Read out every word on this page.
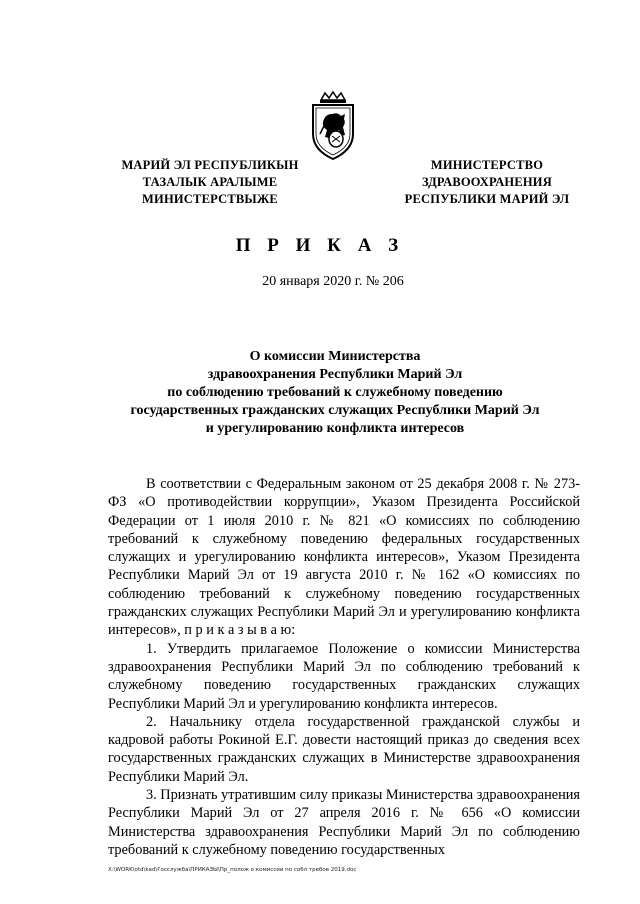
МАРИЙ ЭЛ РЕСПУБЛИКЫН
ТАЗАЛЫК АРАЛЫМЕ
МИНИСТЕРСТВЫЖЕ
МИНИСТЕРСТВО
ЗДРАВООХРАНЕНИЯ
РЕСПУБЛИКИ МАРИЙ ЭЛ
П Р И К А З
20 января 2020 г. № 206
О комиссии Министерства
здравоохранения Республики Марий Эл
по соблюдению требований к служебному поведению
государственных гражданских служащих Республики Марий Эл
и урегулированию конфликта интересов

В соответствии с Федеральным законом от 25 декабря 2008 г. № 273-ФЗ «О противодействии коррупции», Указом Президента Российской Федерации от 1 июля 2010 г. № 821 «О комиссиях по соблюдению требований к служебному поведению федеральных государственных служащих и урегулированию конфликта интересов», Указом Президента Республики Марий Эл от 19 августа 2010 г. № 162 «О комиссиях по соблюдению требований к служебному поведению государственных гражданских служащих Республики Марий Эл и урегулированию конфликта интересов», п р и к а з ы в а ю:

1. Утвердить прилагаемое Положение о комиссии Министерства здравоохранения Республики Марий Эл по соблюдению требований к служебному поведению государственных гражданских служащих Республики Марий Эл и урегулированию конфликта интересов.

2. Начальнику отдела государственной гражданской службы и кадровой работы Рокиной Е.Г. довести настоящий приказ до сведения всех государственных гражданских служащих в Министерстве здравоохранения Республики Марий Эл.

3. Признать утратившим силу приказы Министерства здравоохранения Республики Марий Эл от 27 апреля 2016 г. № 656 «О комиссии Министерства здравоохранения Республики Марий Эл по соблюдению требований к служебному поведению государственных

X:\WORK\otd\kad\Госслужба\ПРИКАЗЫ\Пр_полож о комиссии по собл требов 2019.doc
